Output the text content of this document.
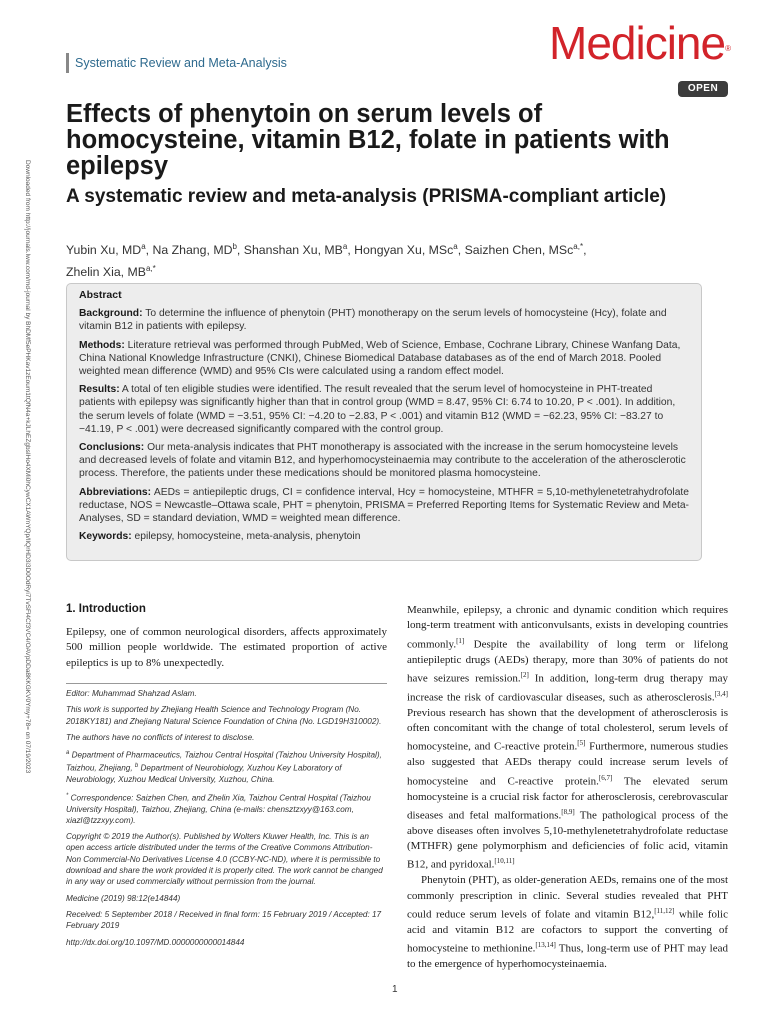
Systematic Review and Meta-Analysis	Medicine®
OPEN
Downloaded from http://journals.lww.com/md-journal by BhDMf5ePHKav1zEoum1tQfN4a+kJLhEZgbsIHo4XMi0hCywCX1AWnYQp/IlQrHD3i3D0OdRyi7TvSFl4Cf3VC4/OAVpDDa8KKGKV0Ymy+78= on 07/19/2023
Effects of phenytoin on serum levels of homocysteine, vitamin B12, folate in patients with epilepsy
A systematic review and meta-analysis (PRISMA-compliant article)
Yubin Xu, $MD^a$, Na Zhang, $MD^b$, Shanshan Xu, $MB^a$, Hongyan Xu, MSc$^a$, Saizhen Chen, MSc$^{a,*}$,
Zhelin Xia, $MB^{a,*}$

Abstract

Background: To determine the influence of phenytoin (PHT) monotherapy on the serum levels of homocysteine (Hcy), folate and vitamin B12 in patients with epilepsy.

Methods: Literature retrieval was performed through PubMed, Web of Science, Embase, Cochrane Library, Chinese Wanfang Data, China National Knowledge Infrastructure (CNKI), Chinese Biomedical Database databases as of the end of March 2018. Pooled weighted mean difference (WMD) and 95% CIs were calculated using a random effect model.

Results: A total of ten eligible studies were identified. The result revealed that the serum level of homocysteine in PHT-treated patients with epilepsy was significantly higher than that in control group (WMD = 8.47, 95% CI: 6.74 to 10.20, P < .001). In addition, the serum levels of folate (WMD = −3.51, 95% CI: −4.20 to −2.83, P < .001) and vitamin B12 (WMD = −62.23, 95% CI: −83.27 to −41.19, P < .001) were decreased significantly compared with the control group.

Conclusions: Our meta-analysis indicates that PHT monotherapy is associated with the increase in the serum homocysteine levels and decreased levels of folate and vitamin B12, and hyperhomocysteinaemia may contribute to the acceleration of the atherosclerotic process. Therefore, the patients under these medications should be monitored plasma homocysteine.

Abbreviations: AEDs = antiepileptic drugs, CI = confidence interval, Hcy = homocysteine, MTHFR = 5,10-methylenetetrahydrofolate reductase, NOS = Newcastle–Ottawa scale, PHT = phenytoin, PRISMA = Preferred Reporting Items for Systematic Review and Meta-Analyses, SD = standard deviation, WMD = weighted mean difference.

Keywords: epilepsy, homocysteine, meta-analysis, phenytoin

1. Introduction

Epilepsy, one of common neurological disorders, affects approximately 500 million people worldwide. The estimated proportion of active epileptics is up to 8% unexpectedly.

Editor: Muhammad Shahzad Aslam.

This work is supported by Zhejiang Health Science and Technology Program (No. 2018KY181) and Zhejiang Natural Science Foundation of China (No. LGD19H310002).

The authors have no conflicts of interest to disclose.

$^a$ Department of Pharmaceutics, Taizhou Central Hospital (Taizhou University Hospital), Taizhou, Zhejiang, $^b$ Department of Neurobiology, Xuzhou Key Laboratory of Neurobiology, Xuzhou Medical University, Xuzhou, China.

* Correspondence: Saizhen Chen, and Zhelin Xia, Taizhou Central Hospital (Taizhou University Hospital), Taizhou, Zhejiang, China (e-mails: chensztzxyy@163.com, xiazl@tzzxyy.com).

Copyright © 2019 the Author(s). Published by Wolters Kluwer Health, Inc. This is an open access article distributed under the terms of the Creative Commons Attribution-Non Commercial-No Derivatives License 4.0 (CCBY-NC-ND), where it is permissible to download and share the work provided it is properly cited. The work cannot be changed in any way or used commercially without permission from the journal.

Medicine (2019) 98:12(e14844)

Received: 5 September 2018 / Received in final form: 15 February 2019 / Accepted: 17 February 2019

http://dx.doi.org/10.1097/MD.0000000000014844

Meanwhile, epilepsy, a chronic and dynamic condition which requires long-term treatment with anticonvulsants, exists in developing countries commonly.[1] Despite the availability of long term or lifelong antiepileptic drugs (AEDs) therapy, more than 30% of patients do not have seizures remission.[2] In addition, long-term drug therapy may increase the risk of cardiovascular diseases, such as atherosclerosis.[3,4] Previous research has shown that the development of atherosclerosis is often concomitant with the change of total cholesterol, serum levels of homocysteine, and C-reactive protein.[5] Furthermore, numerous studies also suggested that AEDs therapy could increase serum levels of homocysteine and C-reactive protein.[6,7] The elevated serum homocysteine is a crucial risk factor for atherosclerosis, cerebrovascular diseases and fetal malformations.[8,9] The pathological process of the above diseases often involves 5,10-methylenetetrahydrofolate reductase (MTHFR) gene polymorphism and deficiencies of folic acid, vitamin B12, and pyridoxal.[10,11]

Phenytoin (PHT), as older-generation AEDs, remains one of the most commonly prescription in clinic. Several studies revealed that PHT could reduce serum levels of folate and vitamin B12,[11,12] while folic acid and vitamin B12 are cofactors to support the converting of homocysteine to methionine.[13,14] Thus, long-term use of PHT may lead to the emergence of hyperhomocysteinaemia.

1
